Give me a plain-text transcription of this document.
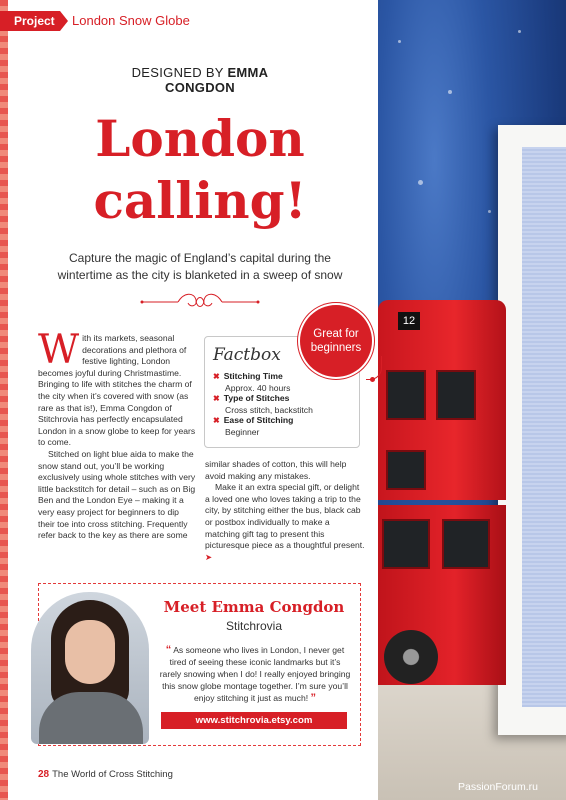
Project	London Snow Globe
12
DESIGNED BY EMMA CONGDON
London
calling!
Capture the magic of England’s capital during the
wintertime as the city is blanketed in a sweep of snow

With its markets, seasonal decorations and plethora of festive lighting, London becomes joyful during Christmastime. Bringing to life with stitches the charm of the city when it’s covered with snow (as rare as that is!), Emma Congdon of Stitchrovia has perfectly encapsulated London in a snow globe to keep for years to come.

Stitched on light blue aida to make the snow stand out, you’ll be working exclusively using whole stitches with very little backstitch for detail – such as on Big Ben and the London Eye – making it a very easy project for beginners to dip their toe into cross stitching. Frequently refer back to the key as there are some

Factbox
✖ Stitching Time
Approx. 40 hours
✖ Type of Stitches
Cross stitch, backstitch
✖ Ease of Stitching
Beginner
Great for
beginners

similar shades of cotton, this will help avoid making any mistakes.

Make it an extra special gift, or delight a loved one who loves taking a trip to the city, by stitching either the bus, black cab or postbox individually to make a matching gift tag to present this picturesque piece as a thoughtful present. ➤

Meet Emma Congdon
Stitchrovia
“ As someone who lives in London, I never get tired of seeing these iconic landmarks but it’s rarely snowing when I do! I really enjoyed bringing this snow globe montage together. I’m sure you’ll enjoy stitching it just as much! ”
www.stitchrovia.etsy.com
28 The World of Cross Stitching
PassionForum.ru
